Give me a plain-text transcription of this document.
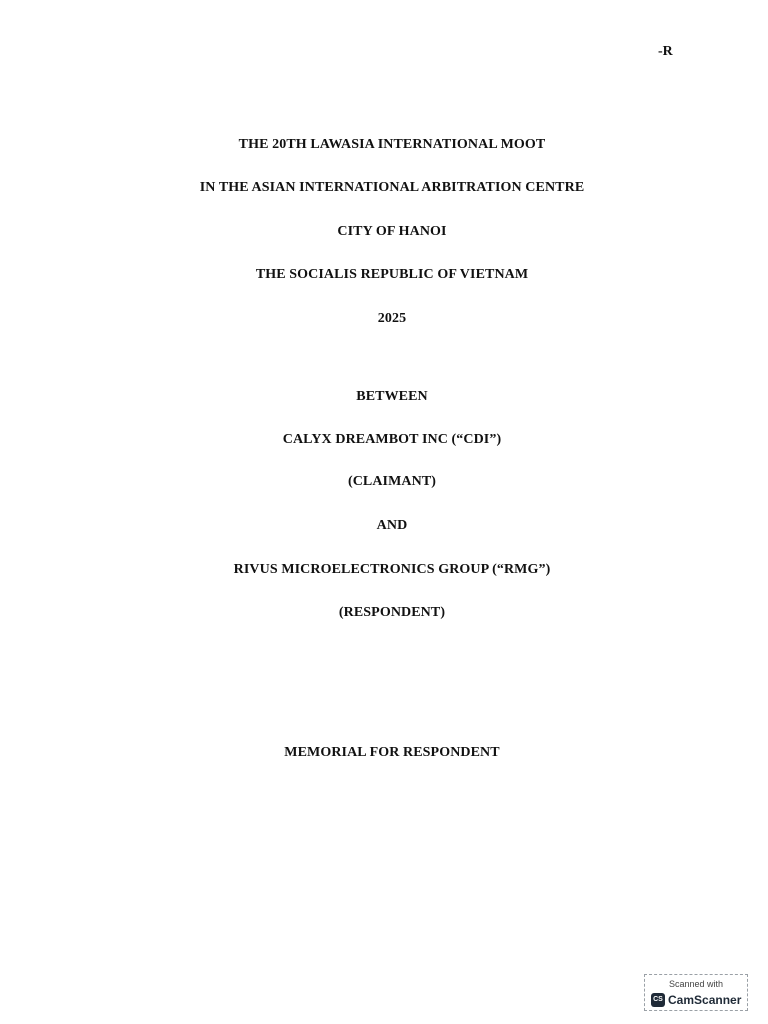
-R
THE 20TH LAWASIA INTERNATIONAL MOOT
IN THE ASIAN INTERNATIONAL ARBITRATION CENTRE
CITY OF HANOI
THE SOCIALIS REPUBLIC OF VIETNAM
2025
BETWEEN
CALYX DREAMBOT INC (“CDI”)
(CLAIMANT)
AND
RIVUS MICROELECTRONICS GROUP (“RMG”)
(RESPONDENT)
MEMORIAL FOR RESPONDENT
Scanned with
CS CamScanner
